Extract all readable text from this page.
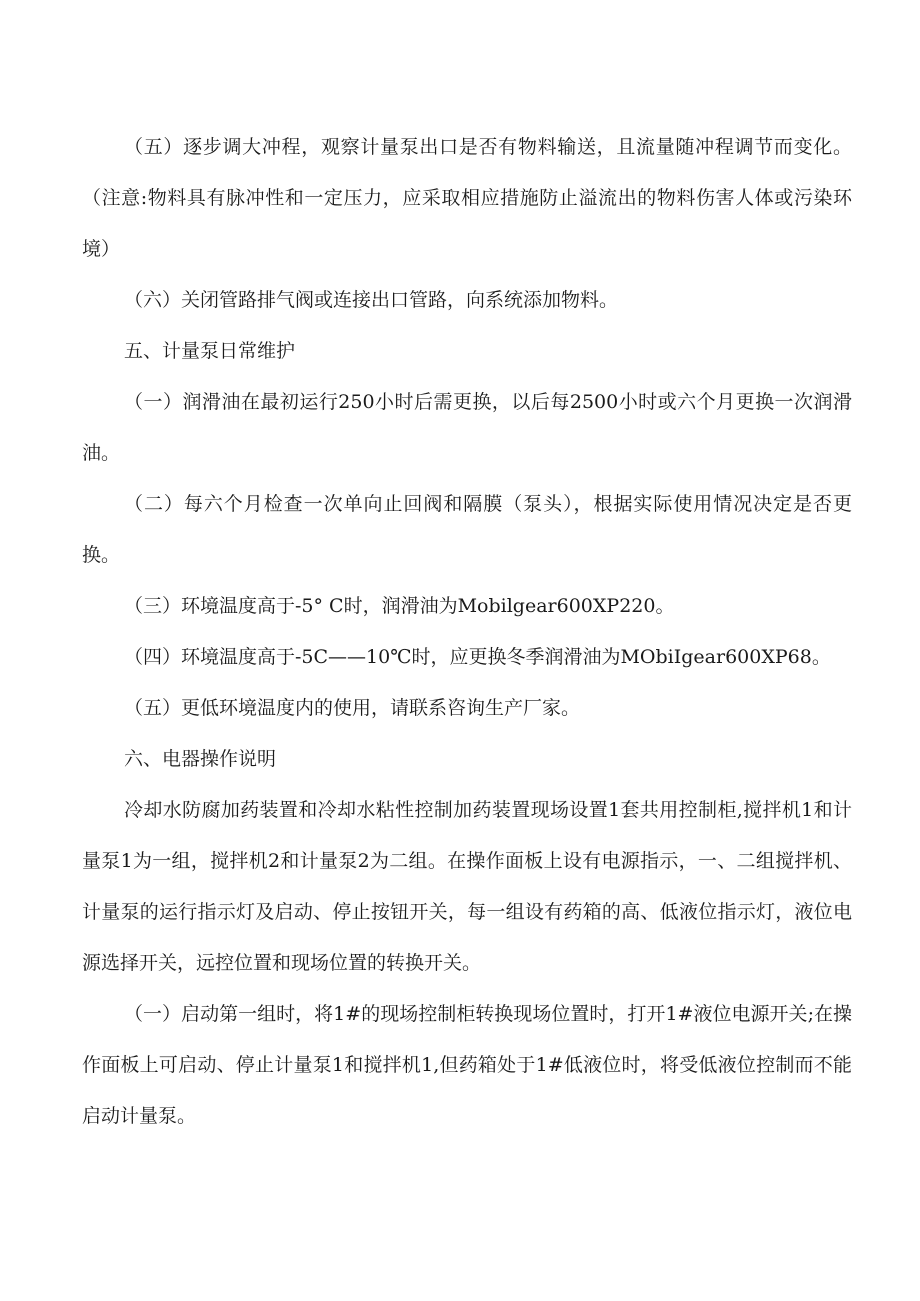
（五）逐步调大冲程，观察计量泵出口是否有物料输送，且流量随冲程调节而变化。（注意:物料具有脉冲性和一定压力，应采取相应措施防止溢流出的物料伤害人体或污染环境）

（六）关闭管路排气阀或连接出口管路，向系统添加物料。

五、计量泵日常维护

（一）润滑油在最初运行250小时后需更换，以后每2500小时或六个月更换一次润滑油。

（二）每六个月检查一次单向止回阀和隔膜（泵头），根据实际使用情况决定是否更换。

（三）环境温度高于-5° C时，润滑油为Mobilgear600XP220。

（四）环境温度高于-5C——10℃时，应更换冬季润滑油为MObiIgear600XP68。

（五）更低环境温度内的使用，请联系咨询生产厂家。

六、电器操作说明

冷却水防腐加药装置和冷却水粘性控制加药装置现场设置1套共用控制柜,搅拌机1和计量泵1为一组，搅拌机2和计量泵2为二组。在操作面板上设有电源指示，一、二组搅拌机、计量泵的运行指示灯及启动、停止按钮开关，每一组设有药箱的高、低液位指示灯，液位电源选择开关，远控位置和现场位置的转换开关。

（一）启动第一组时，将1#的现场控制柜转换现场位置时，打开1#液位电源开关;在操作面板上可启动、停止计量泵1和搅拌机1,但药箱处于1#低液位时，将受低液位控制而不能启动计量泵。
